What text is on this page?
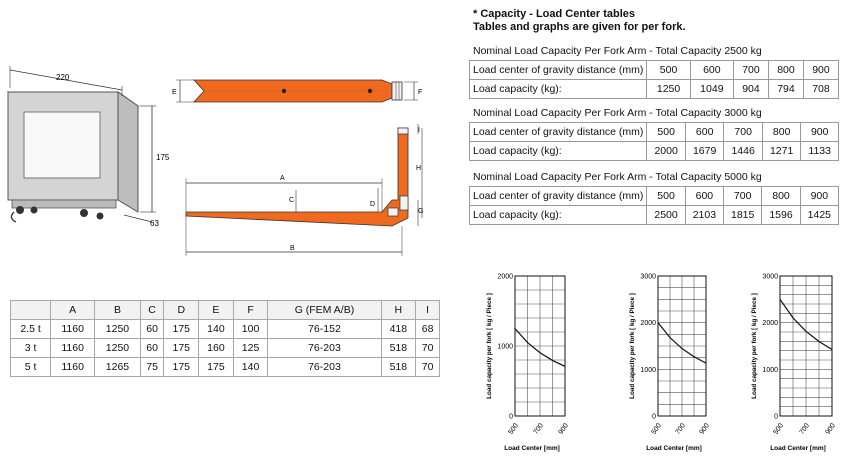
220
175
63
E	F
A
B
C
D
G
H
I
	A	B	C	D	E	F	G (FEM A/B)	H	I
2.5 t	1160	1250	60	175	140	100	76-152	418	68
3 t	1160	1250	60	175	160	125	76-203	518	70
5 t	1160	1265	75	175	175	140	76-203	518	70
* Capacity - Load Center tables
Tables and graphs are given for per fork.
Nominal Load Capacity Per Fork Arm - Total Capacity 2500 kg
Load center of gravity distance (mm)	500	600	700	800	900
Load capacity (kg):	1250	1049	904	794	708
Nominal Load Capacity Per Fork Arm - Total Capacity 3000 kg
Load center of gravity distance (mm)	500	600	700	800	900
Load capacity (kg):	2000	1679	1446	1271	1133
Nominal Load Capacity Per Fork Arm - Total Capacity 5000 kg
Load center of gravity distance (mm)	500	600	700	800	900
Load capacity (kg):	2500	2103	1815	1596	1425
0
1000
2000
500 700 900
Load capacity per fork [ kg / Piece ]
Load Center [mm]
0
1000
2000
3000
500 700 900
Load capacity per fork [ kg / Piece ]
Load Center [mm]
0
1000
2000
3000
500 700 900
Load capacity per fork [ kg / Piece ]
Load Center [mm]
